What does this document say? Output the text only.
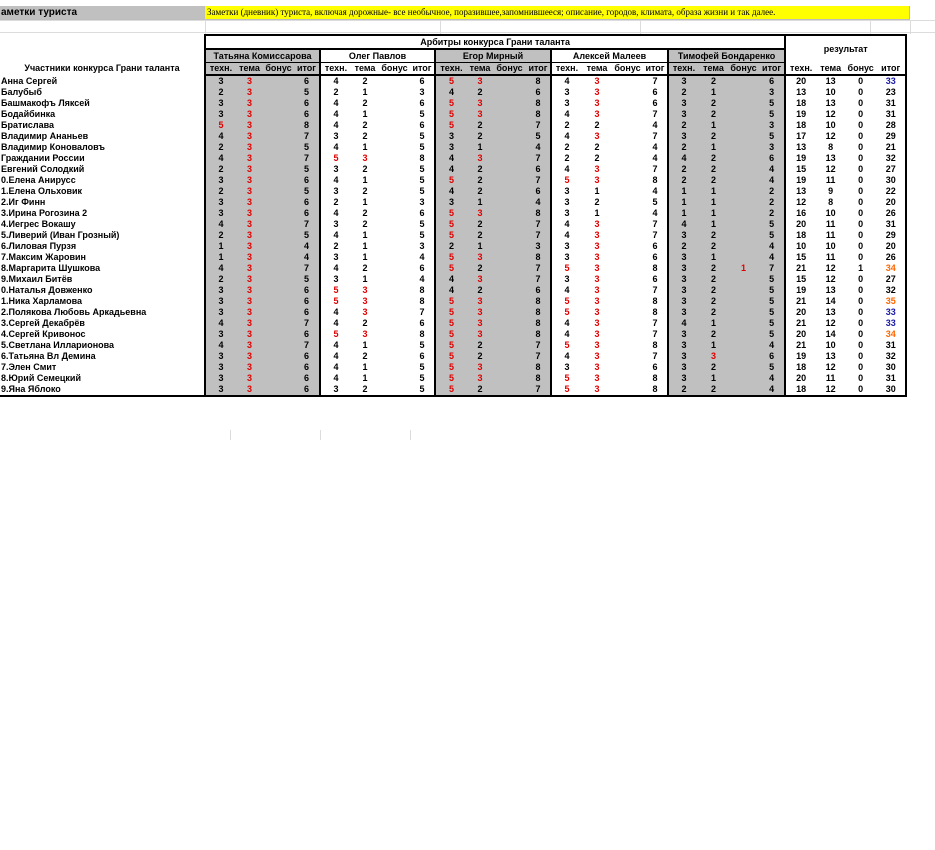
аметки туриста	Заметки (дневник) туриста, включая дорожные- все необычное, поразившее,запомнившееся; описание, городов, климата, образа жизни и так далее.
	Арбитры конкурса Грани таланта																				результат			
	Татьяна Комиссарова				Олег Павлов				Егор Мирный				Алексей Малеев				Тимофей Бондаренко							
Участники конкурса Грани таланта	техн.	тема	бонус	итог	техн.	тема	бонус	итог	техн.	тема	бонус	итог	техн.	тема	бонус	итог	техн.	тема	бонус	итог	техн.	тема	бонус	итог
Анна Сергей	3	3		6	4	2		6	5	3		8	4	3		7	3	2		6	20	13	0	33
Балубыб	2	3		5	2	1		3	4	2		6	3	3		6	2	1		3	13	10	0	23
Башмакофъ Ляксей	3	3		6	4	2		6	5	3		8	3	3		6	3	2		5	18	13	0	31
Бодайбинка	3	3		6	4	1		5	5	3		8	4	3		7	3	2		5	19	12	0	31
Братислава	5	3		8	4	2		6	5	2		7	2	2		4	2	1		3	18	10	0	28
Владимир Ананьев	4	3		7	3	2		5	3	2		5	4	3		7	3	2		5	17	12	0	29
Владимир Коноваловъ	2	3		5	4	1		5	3	1		4	2	2		4	2	1		3	13	8	0	21
Граждании России	4	3		7	5	3		8	4	3		7	2	2		4	4	2		6	19	13	0	32
Евгений Солодкий	2	3		5	3	2		5	4	2		6	4	3		7	2	2		4	15	12	0	27
0.Елена Анирусс	3	3		6	4	1		5	5	2		7	5	3		8	2	2		4	19	11	0	30
1.Елена Ольховик	2	3		5	3	2		5	4	2		6	3	1		4	1	1		2	13	9	0	22
2.Иг Финн	3	3		6	2	1		3	3	1		4	3	2		5	1	1		2	12	8	0	20
3.Ирина Рогозина 2	3	3		6	4	2		6	5	3		8	3	1		4	1	1		2	16	10	0	26
4.Иегрес Вокашу	4	3		7	3	2		5	5	2		7	4	3		7	4	1		5	20	11	0	31
5.Ливерий (Иван Грозный)	2	3		5	4	1		5	5	2		7	4	3		7	3	2		5	18	11	0	29
6.Лиловая Пурзя	1	3		4	2	1		3	2	1		3	3	3		6	2	2		4	10	10	0	20
7.Максим Жаровин	1	3		4	3	1		4	5	3		8	3	3		6	3	1		4	15	11	0	26
8.Маргарита Шушкова	4	3		7	4	2		6	5	2		7	5	3		8	3	2	1	7	21	12	1	34
9.Михаил Битёв	2	3		5	3	1		4	4	3		7	3	3		6	3	2		5	15	12	0	27
0.Наталья Довженко	3	3		6	5	3		8	4	2		6	4	3		7	3	2		5	19	13	0	32
1.Ника Харламова	3	3		6	5	3		8	5	3		8	5	3		8	3	2		5	21	14	0	35
2.Полякова Любовь Аркадьевна	3	3		6	4	3		7	5	3		8	5	3		8	3	2		5	20	13	0	33
3.Сергей Декабрёв	4	3		7	4	2		6	5	3		8	4	3		7	4	1		5	21	12	0	33
4.Сергей Кривонос	3	3		6	5	3		8	5	3		8	4	3		7	3	2		5	20	14	0	34
5.Светлана Илларионова	4	3		7	4	1		5	5	2		7	5	3		8	3	1		4	21	10	0	31
6.Татьяна Вл Демина	3	3		6	4	2		6	5	2		7	4	3		7	3	3		6	19	13	0	32
7.Элен Смит	3	3		6	4	1		5	5	3		8	3	3		6	3	2		5	18	12	0	30
8.Юрий Семецкий	3	3		6	4	1		5	5	3		8	5	3		8	3	1		4	20	11	0	31
9.Яна Яблоко	3	3		6	3	2		5	5	2		7	5	3		8	2	2		4	18	12	0	30
